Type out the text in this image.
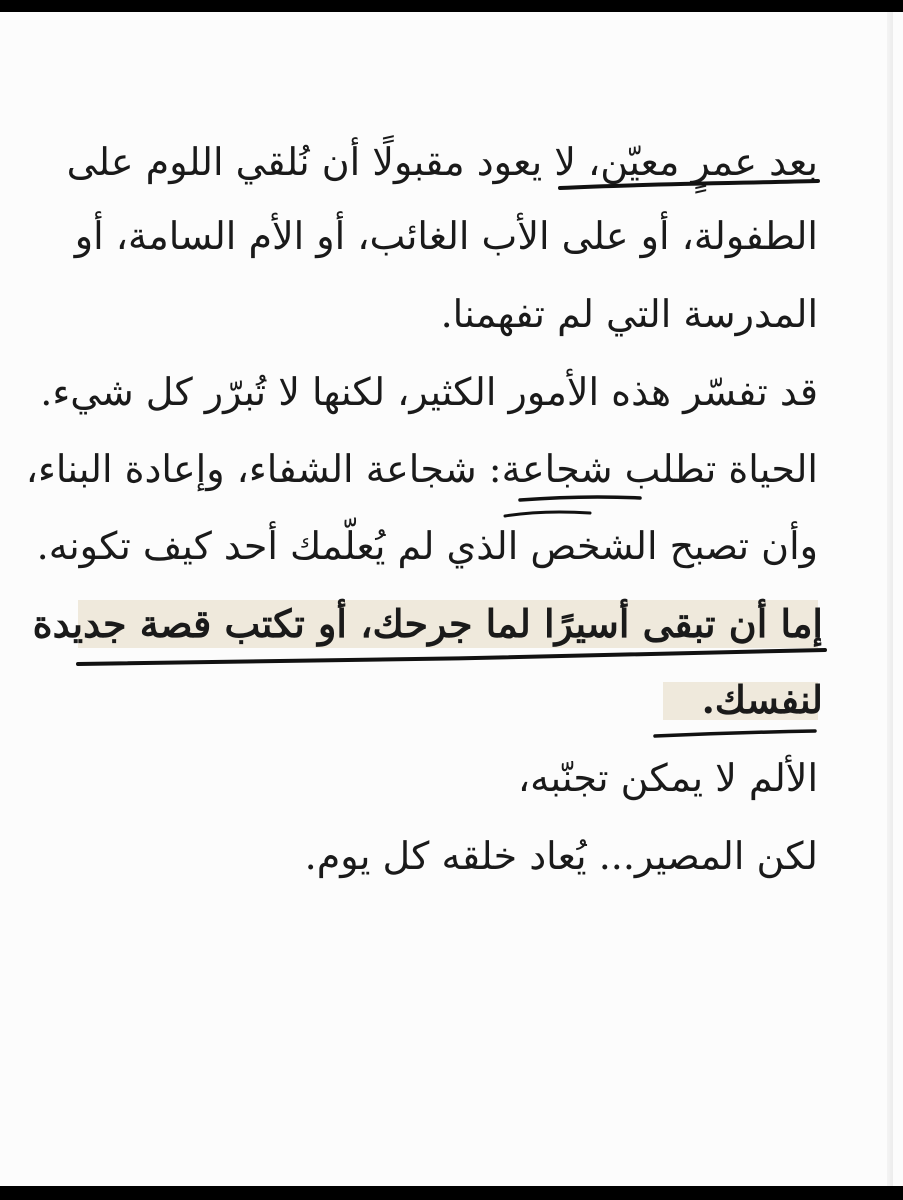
بعد عمرٍ معيّن، لا يعود مقبولًا أن نُلقي اللوم على
الطفولة، أو على الأب الغائب، أو الأم السامة، أو
المدرسة التي لم تفهمنا.
قد تفسّر هذه الأمور الكثير، لكنها لا تُبرّر كل شيء.
الحياة تطلب شجاعة: شجاعة الشفاء، وإعادة البناء،
وأن تصبح الشخص الذي لم يُعلّمك أحد كيف تكونه.
إما أن تبقى أسيرًا لما جرحك، أو تكتب قصة جديدة
لنفسك.
الألم لا يمكن تجنّبه،
لكن المصير... يُعاد خلقه كل يوم.
